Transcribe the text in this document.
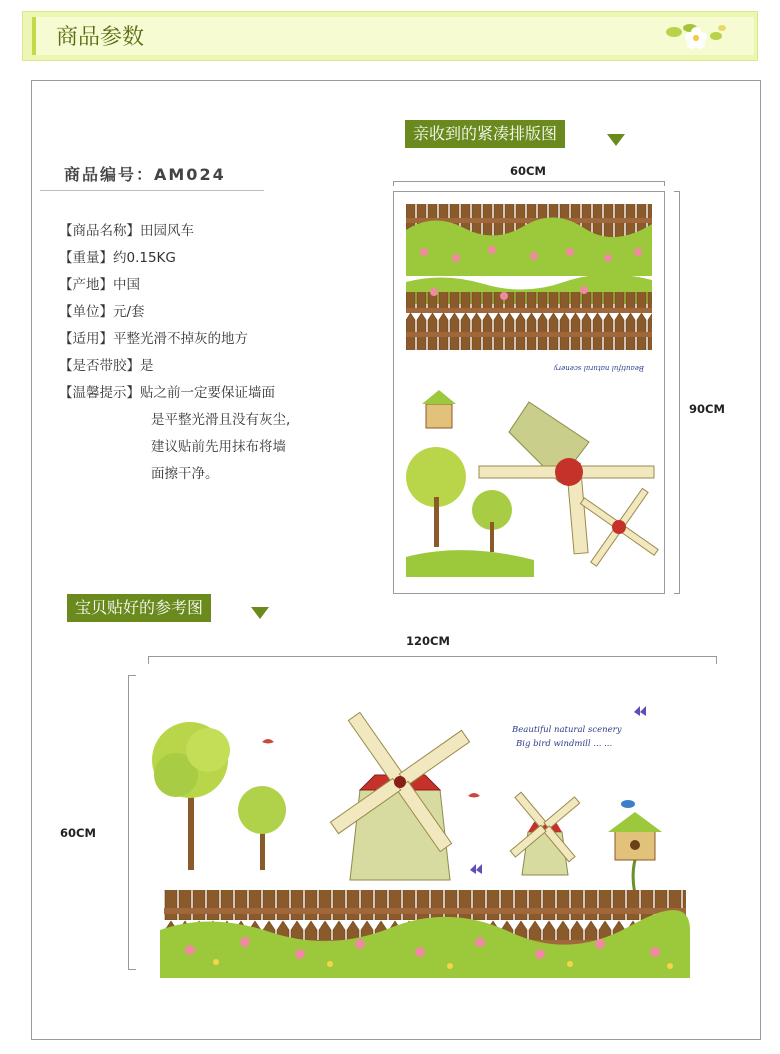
商品参数
商品编号：AM024
【商品名称】田园风车
【重量】约0.15KG
【产地】中国
【单位】元/套
【适用】平整光滑不掉灰的地方
【是否带胶】是
【温馨提示】贴之前一定要保证墙面
是平整光滑且没有灰尘,
建议贴前先用抹布将墙
面擦干净。
亲收到的紧凑排版图
60CM
90CM
Beautiful natural scenery
宝贝贴好的参考图
120CM
60CM
Beautiful natural scenery
Big bird windmill ... ...
